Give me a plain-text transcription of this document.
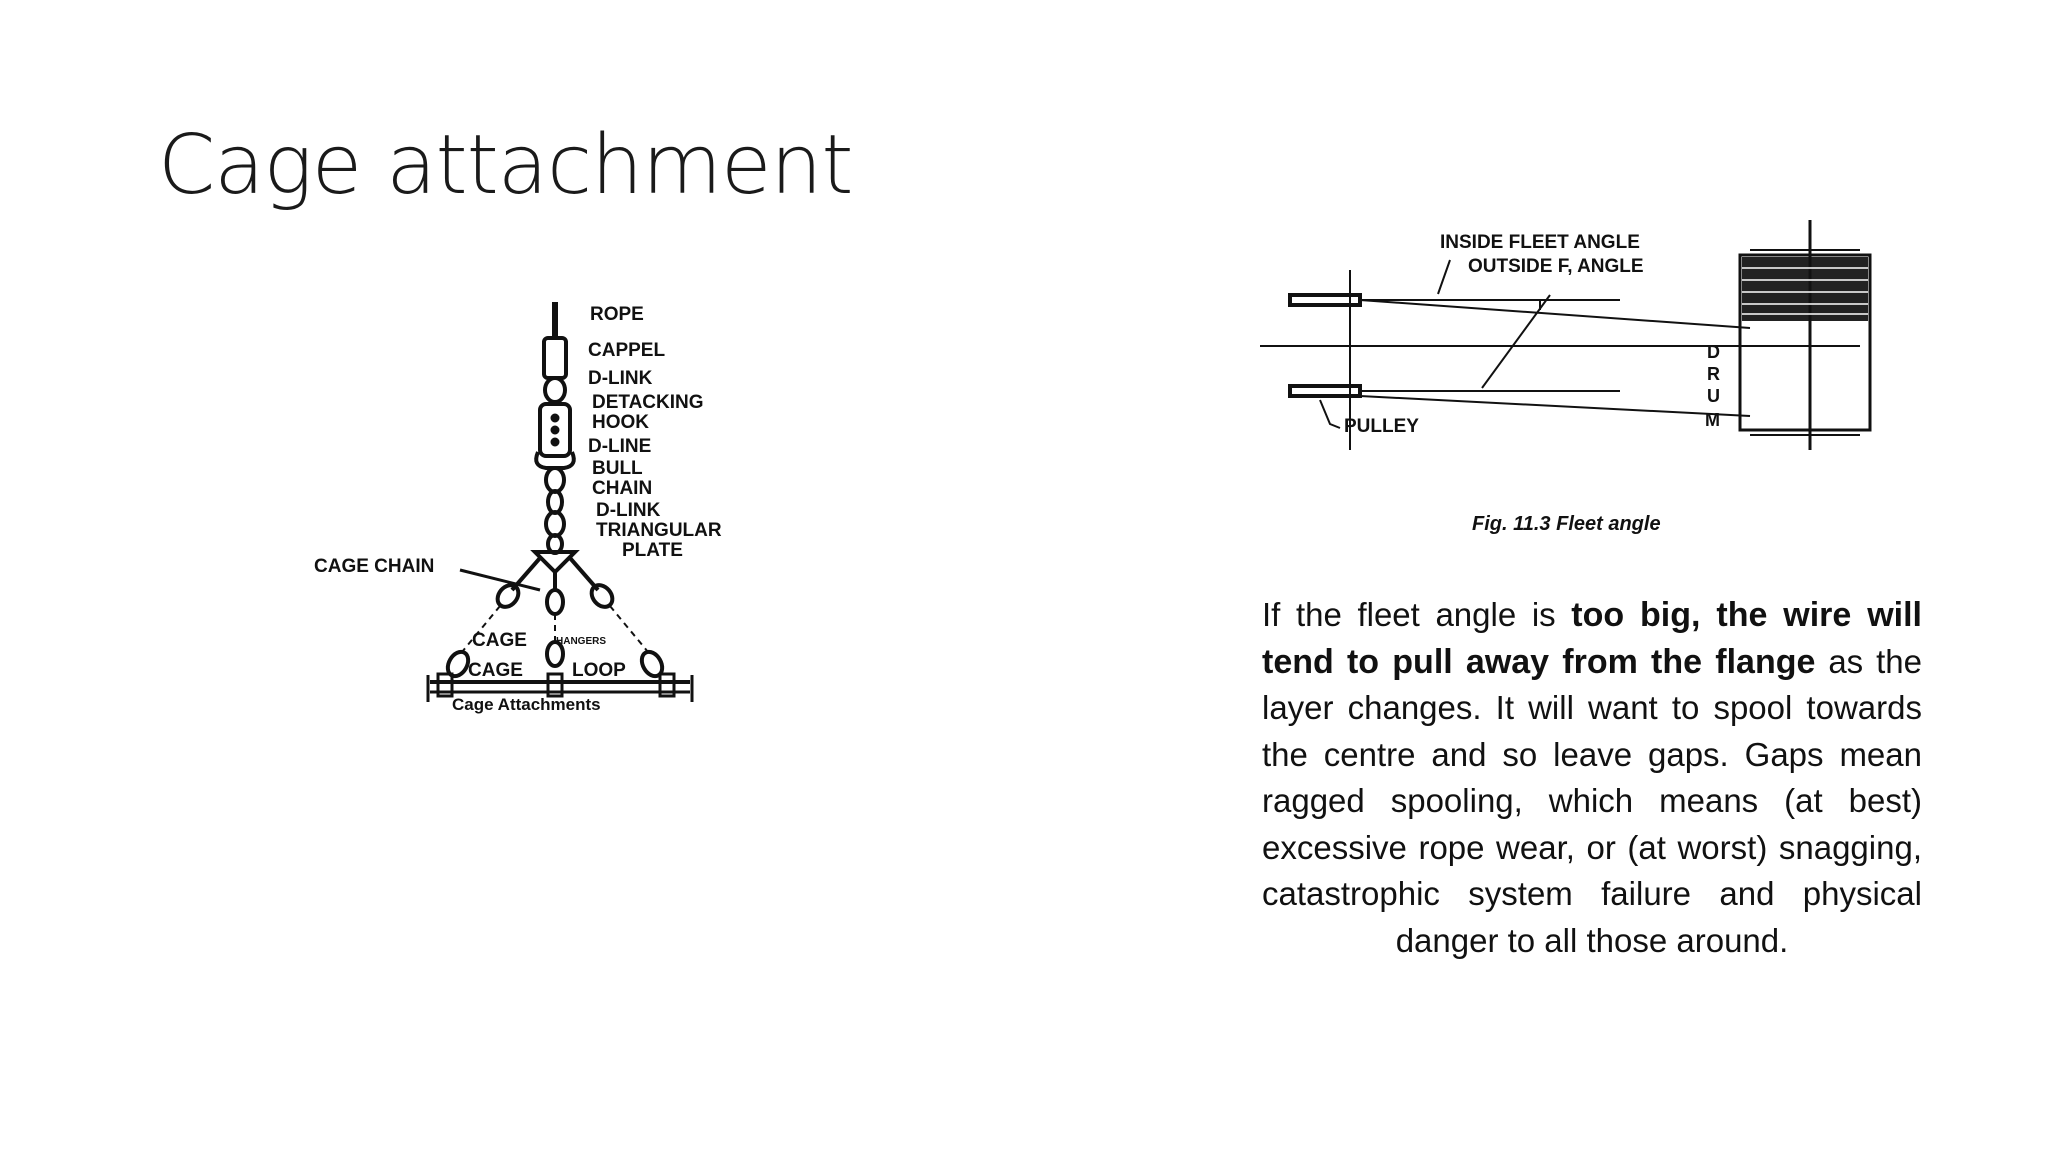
Cage attachment
ROPE
CAPPEL
D-LINK
DETACKING
HOOK
D-LINE
BULL
CHAIN
D-LINK
TRIANGULAR
PLATE
CAGE CHAIN
CAGE	HANGERS
CAGE	LOOP
Cage Attachments
INSIDE FLEET ANGLE
OUTSIDE F, ANGLE
PULLEY
D
R
U
M
Fig. 11.3 Fleet angle
If the fleet angle is too big, the wire will tend to pull away from the flange as the layer changes. It will want to spool towards the centre and so leave gaps. Gaps mean ragged spooling, which means (at best) excessive rope wear, or (at worst) snagging, catastrophic system failure and physical danger to all those around.
